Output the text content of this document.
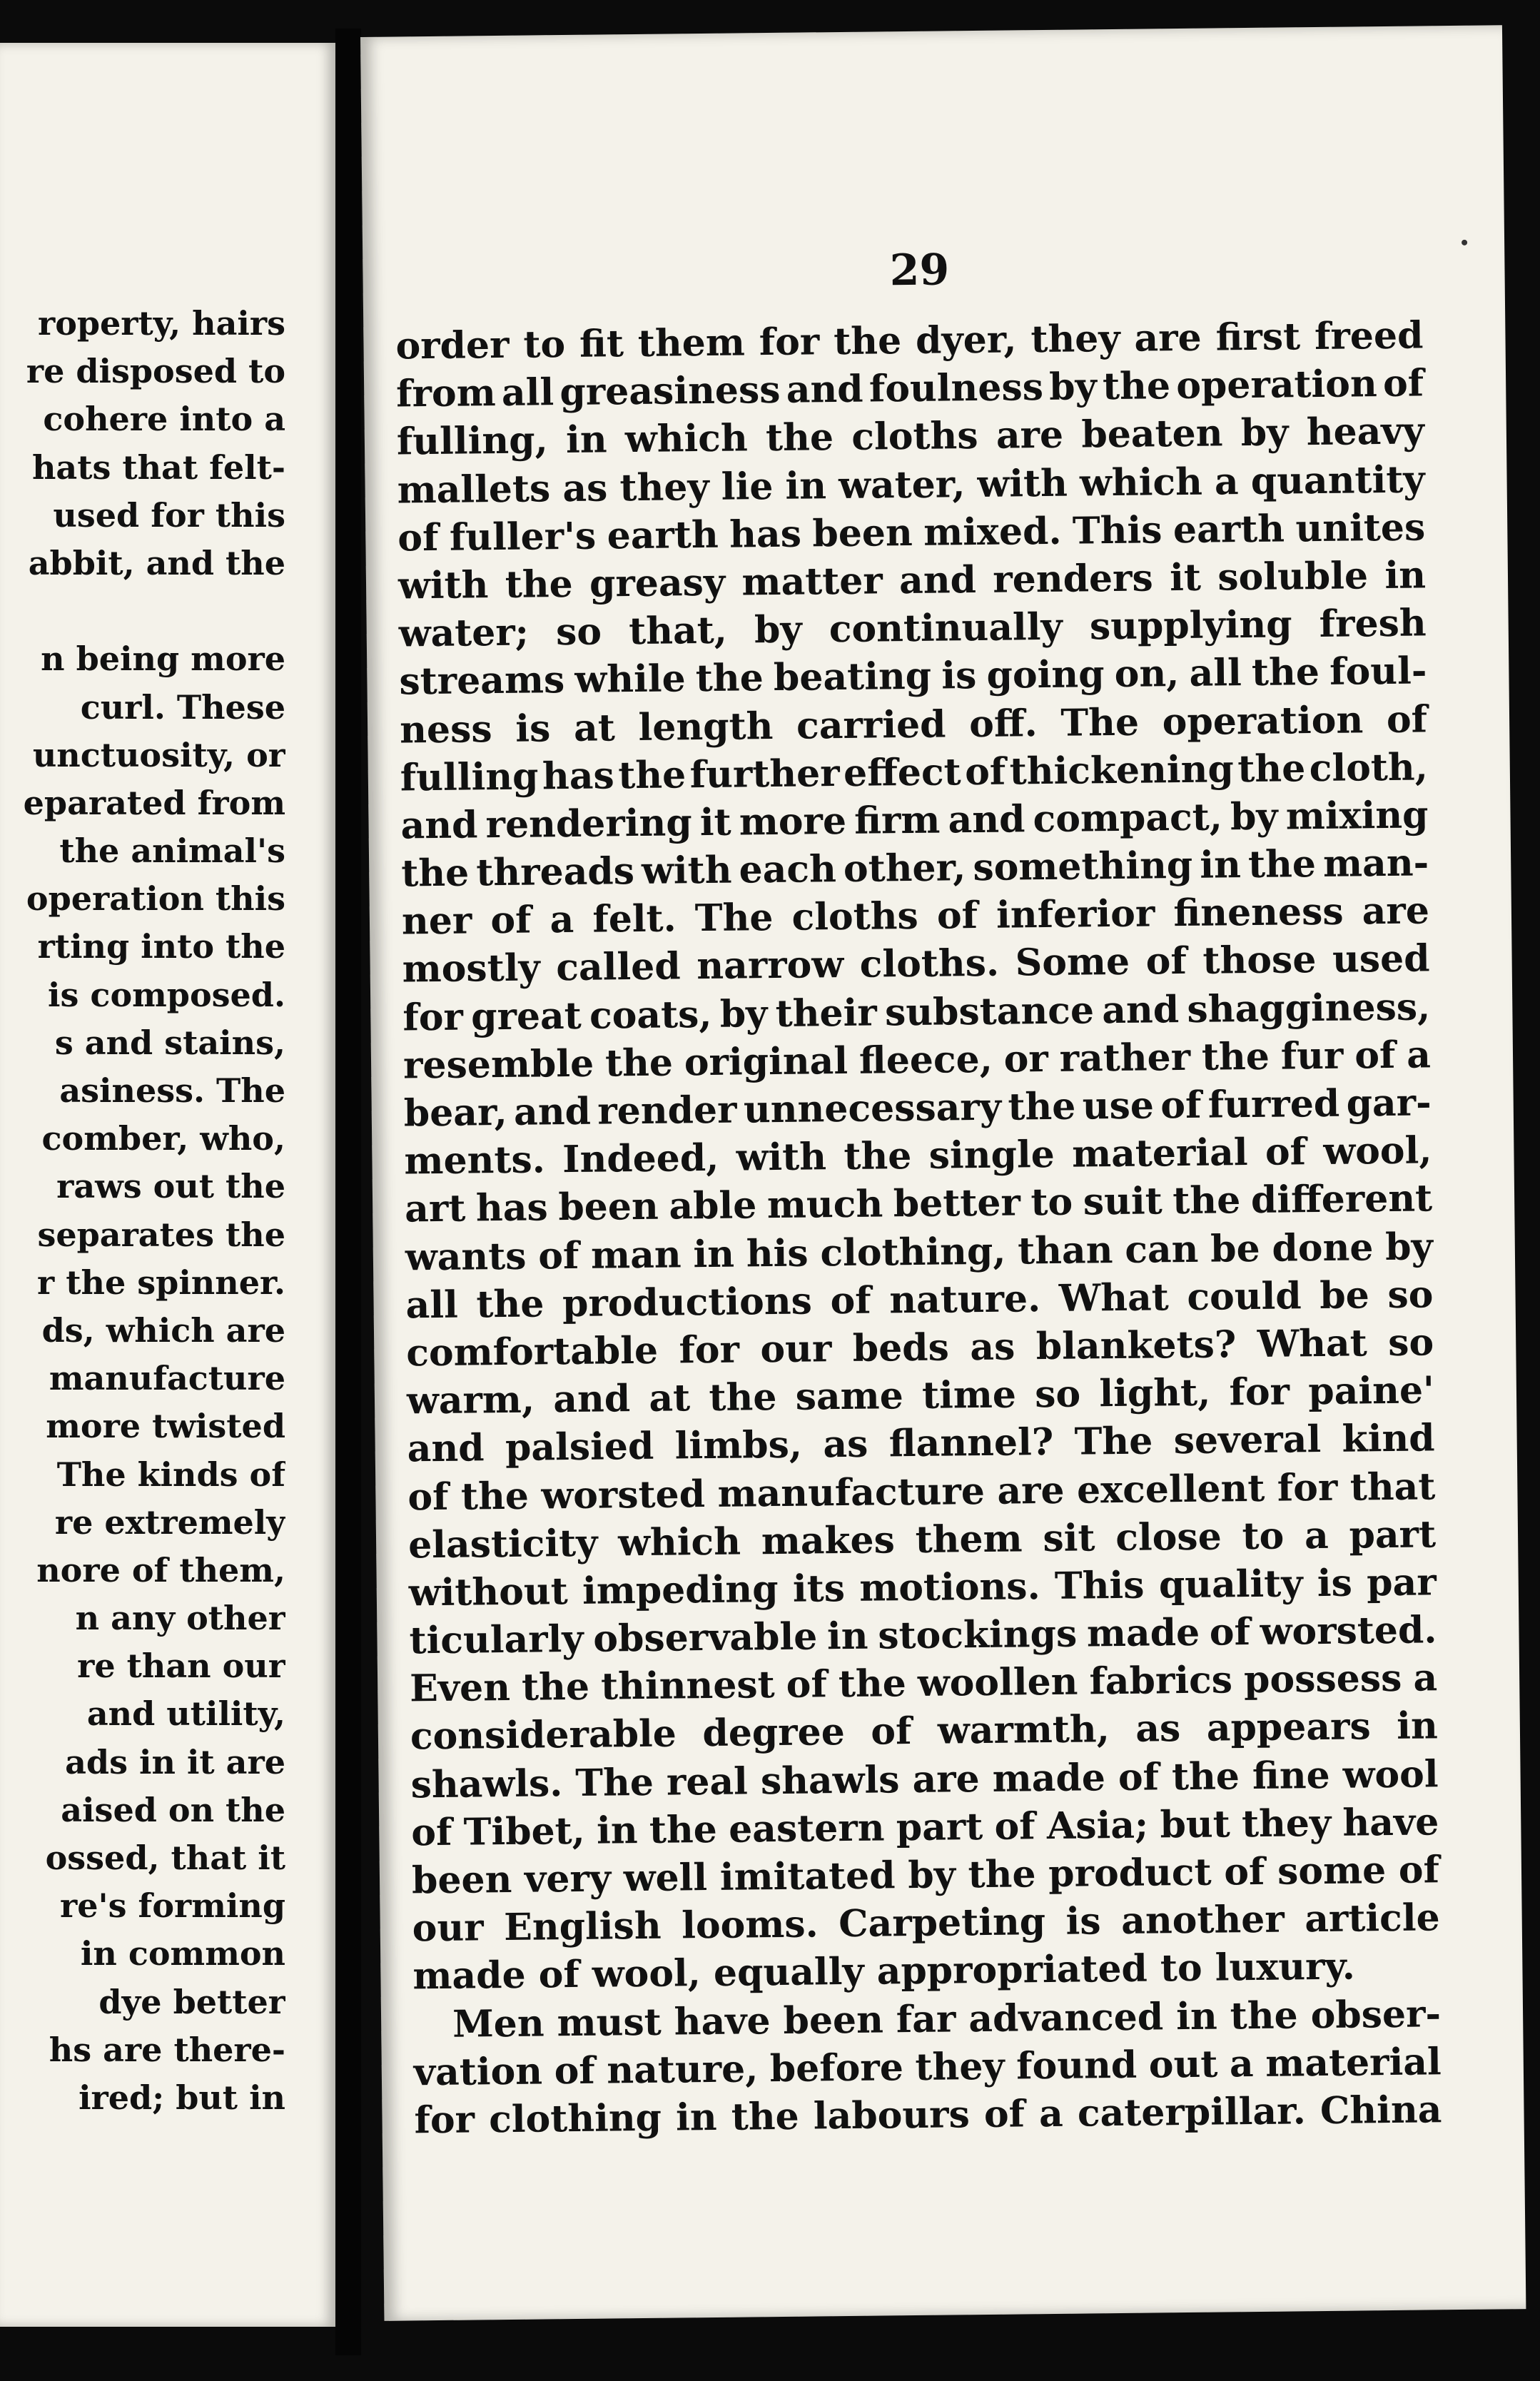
roperty, hairs
re disposed to
cohere into a
hats that felt-
used for this
abbit, and the
n being more
curl. These
unctuosity, or
eparated from
the animal's
operation this
rting into the
is composed.
s and stains,
asiness. The
comber, who,
raws out the
separates the
r the spinner.
ds, which are
manufacture
more twisted
The kinds of
re extremely
nore of them,
n any other
re than our
and utility,
ads in it are
aised on the
ossed, that it
re's forming
in common
dye better
hs are there-
ired; but in
29
order to fit them for the dyer, they are first freed
from all greasiness and foulness by the operation of
fulling, in which the cloths are beaten by heavy
mallets as they lie in water, with which a quantity
of fuller's earth has been mixed. This earth unites
with the greasy matter and renders it soluble in
water; so that, by continually supplying fresh
streams while the beating is going on, all the foul-
ness is at length carried off. The operation of
fulling has the further effect of thickening the cloth,
and rendering it more firm and compact, by mixing
the threads with each other, something in the man-
ner of a felt. The cloths of inferior fineness are
mostly called narrow cloths. Some of those used
for great coats, by their substance and shagginess,
resemble the original fleece, or rather the fur of a
bear, and render unnecessary the use of furred gar-
ments. Indeed, with the single material of wool,
art has been able much better to suit the different
wants of man in his clothing, than can be done by
all the productions of nature. What could be so
comfortable for our beds as blankets? What so
warm, and at the same time so light, for paine'
and palsied limbs, as flannel? The several kind
of the worsted manufacture are excellent for that
elasticity which makes them sit close to a part
without impeding its motions. This quality is par
ticularly observable in stockings made of worsted.
Even the thinnest of the woollen fabrics possess a
considerable degree of warmth, as appears in
shawls. The real shawls are made of the fine wool
of Tibet, in the eastern part of Asia; but they have
been very well imitated by the product of some of
our English looms. Carpeting is another article
made of wool, equally appropriated to luxury.
Men must have been far advanced in the obser-
vation of nature, before they found out a material
for clothing in the labours of a caterpillar. China
